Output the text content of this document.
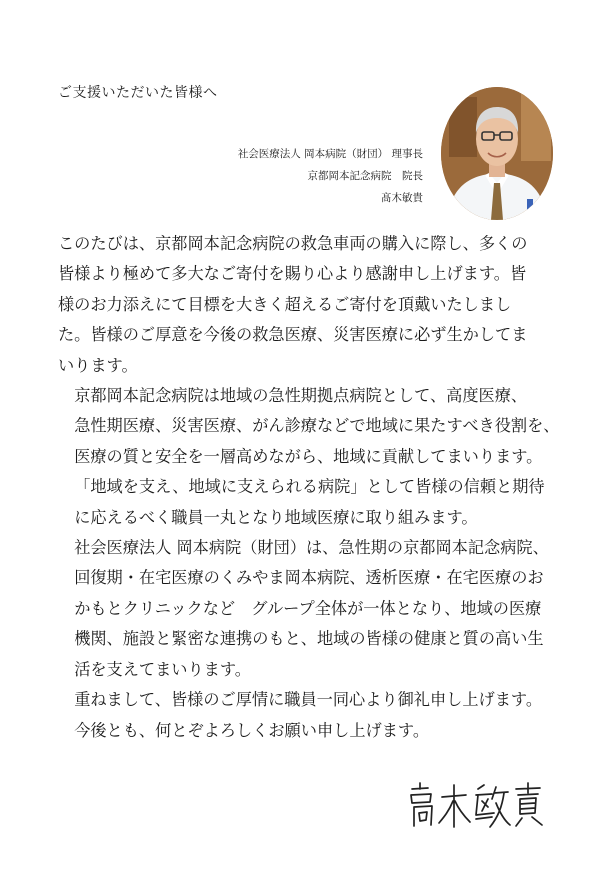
ご支援いただいた皆様へ
社会医療法人 岡本病院（財団） 理事長
京都岡本記念病院　院長
髙木敏貴

このたびは、京都岡本記念病院の救急車両の購入に際し、多くの
皆様より極めて多大なご寄付を賜り心より感謝申し上げます。皆
様のお力添えにて目標を大きく超えるご寄付を頂戴いたしまし
た。皆様のご厚意を今後の救急医療、災害医療に必ず生かしてま
いります。

京都岡本記念病院は地域の急性期拠点病院として、高度医療、
急性期医療、災害医療、がん診療などで地域に果たすべき役割を、
医療の質と安全を一層高めながら、地域に貢献してまいります。
「地域を支え、地域に支えられる病院」として皆様の信頼と期待
に応えるべく職員一丸となり地域医療に取り組みます。

社会医療法人 岡本病院（財団）は、急性期の京都岡本記念病院、
回復期・在宅医療のくみやま岡本病院、透析医療・在宅医療のお
かもとクリニックなど　グループ全体が一体となり、地域の医療
機関、施設と緊密な連携のもと、地域の皆様の健康と質の高い生
活を支えてまいります。

重ねまして、皆様のご厚情に職員一同心より御礼申し上げます。

今後とも、何とぞよろしくお願い申し上げます。
